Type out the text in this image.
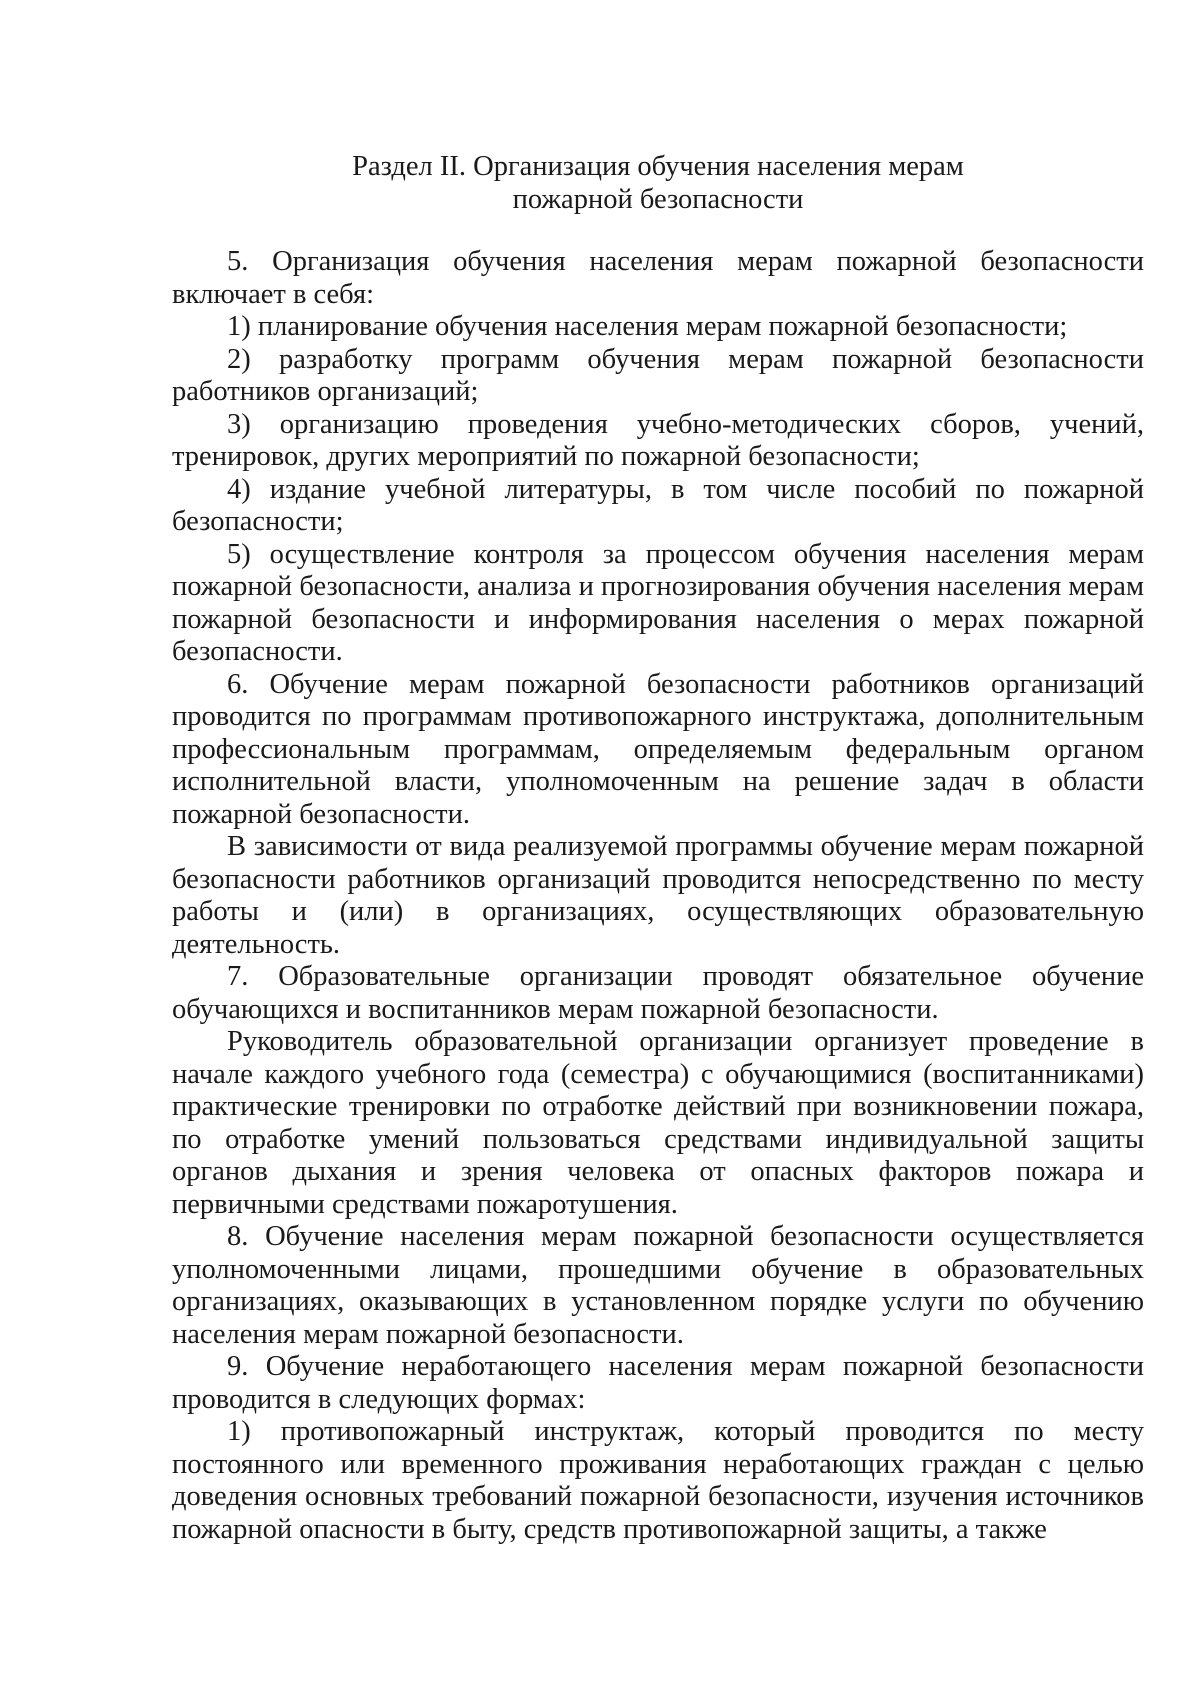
Раздел II. Организация обучения населения мерам
пожарной безопасности

5. Организация обучения населения мерам пожарной безопасности включает в себя:

1) планирование обучения населения мерам пожарной безопасности;

2) разработку программ обучения мерам пожарной безопасности работников организаций;

3) организацию проведения учебно-методических сборов, учений, тренировок, других мероприятий по пожарной безопасности;

4) издание учебной литературы, в том числе пособий по пожарной безопасности;

5) осуществление контроля за процессом обучения населения мерам пожарной безопасности, анализа и прогнозирования обучения населения мерам пожарной безопасности и информирования населения о мерах пожарной безопасности.

6. Обучение мерам пожарной безопасности работников организаций проводится по программам противопожарного инструктажа, дополнительным профессиональным программам, определяемым федеральным органом исполнительной власти, уполномоченным на решение задач в области пожарной безопасности.

В зависимости от вида реализуемой программы обучение мерам пожарной безопасности работников организаций проводится непосредственно по месту работы и (или) в организациях, осуществляющих образовательную деятельность.

7. Образовательные организации проводят обязательное обучение обучающихся и воспитанников мерам пожарной безопасности.

Руководитель образовательной организации организует проведение в начале каждого учебного года (семестра) с обучающимися (воспитанниками) практические тренировки по отработке действий при возникновении пожара, по отработке умений пользоваться средствами индивидуальной защиты органов дыхания и зрения человека от опасных факторов пожара и первичными средствами пожаротушения.

8. Обучение населения мерам пожарной безопасности осуществляется уполномоченными лицами, прошедшими обучение в образовательных организациях, оказывающих в установленном порядке услуги по обучению населения мерам пожарной безопасности.

9. Обучение неработающего населения мерам пожарной безопасности проводится в следующих формах:

1) противопожарный инструктаж, который проводится по месту постоянного или временного проживания неработающих граждан с целью доведения основных требований пожарной безопасности, изучения источников пожарной опасности в быту, средств противопожарной защиты, а также
